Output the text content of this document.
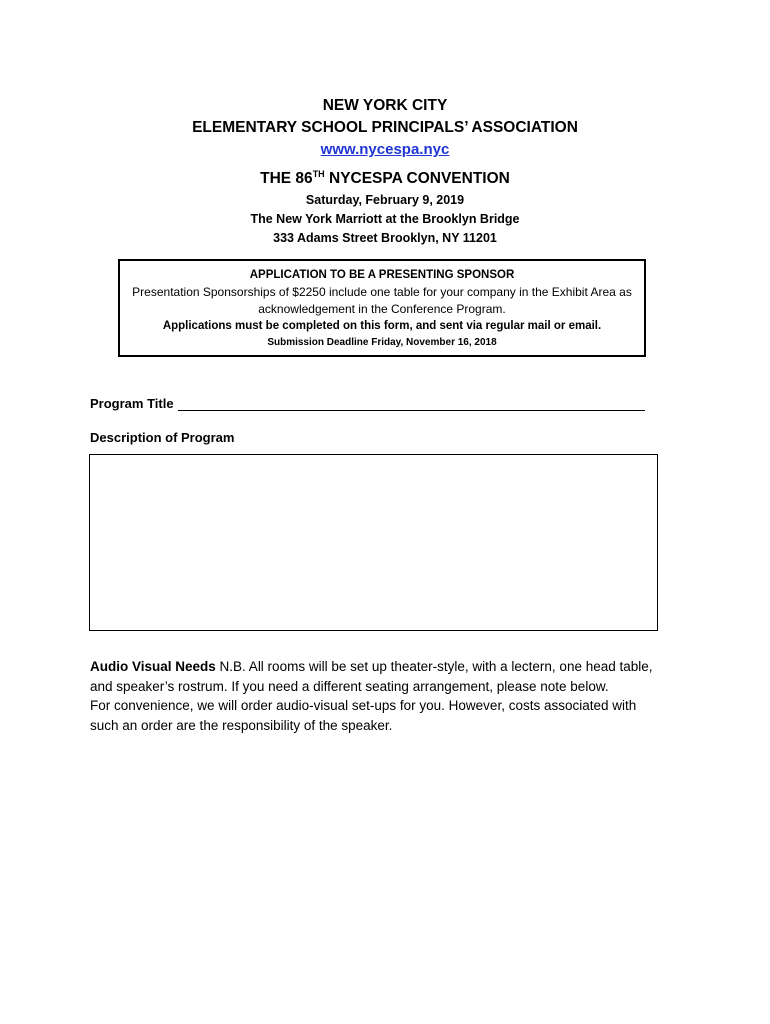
NEW YORK CITY
ELEMENTARY SCHOOL PRINCIPALS’ ASSOCIATION
www.nycespa.nyc
THE 86TH NYCESPA CONVENTION
Saturday, February 9, 2019
The New York Marriott at the Brooklyn Bridge
333 Adams Street Brooklyn, NY 11201
APPLICATION TO BE A PRESENTING SPONSOR
Presentation Sponsorships of $2250 include one table for your company in the Exhibit Area as acknowledgement in the Conference Program.
Applications must be completed on this form, and sent via regular mail or email.
Submission Deadline Friday, November 16, 2018
Program Title
Description of Program
Audio Visual Needs N.B. All rooms will be set up theater-style, with a lectern, one head table,
and speaker’s rostrum. If you need a different seating arrangement, please note below.
For convenience, we will order audio-visual set-ups for you. However, costs associated with
such an order are the responsibility of the speaker.
